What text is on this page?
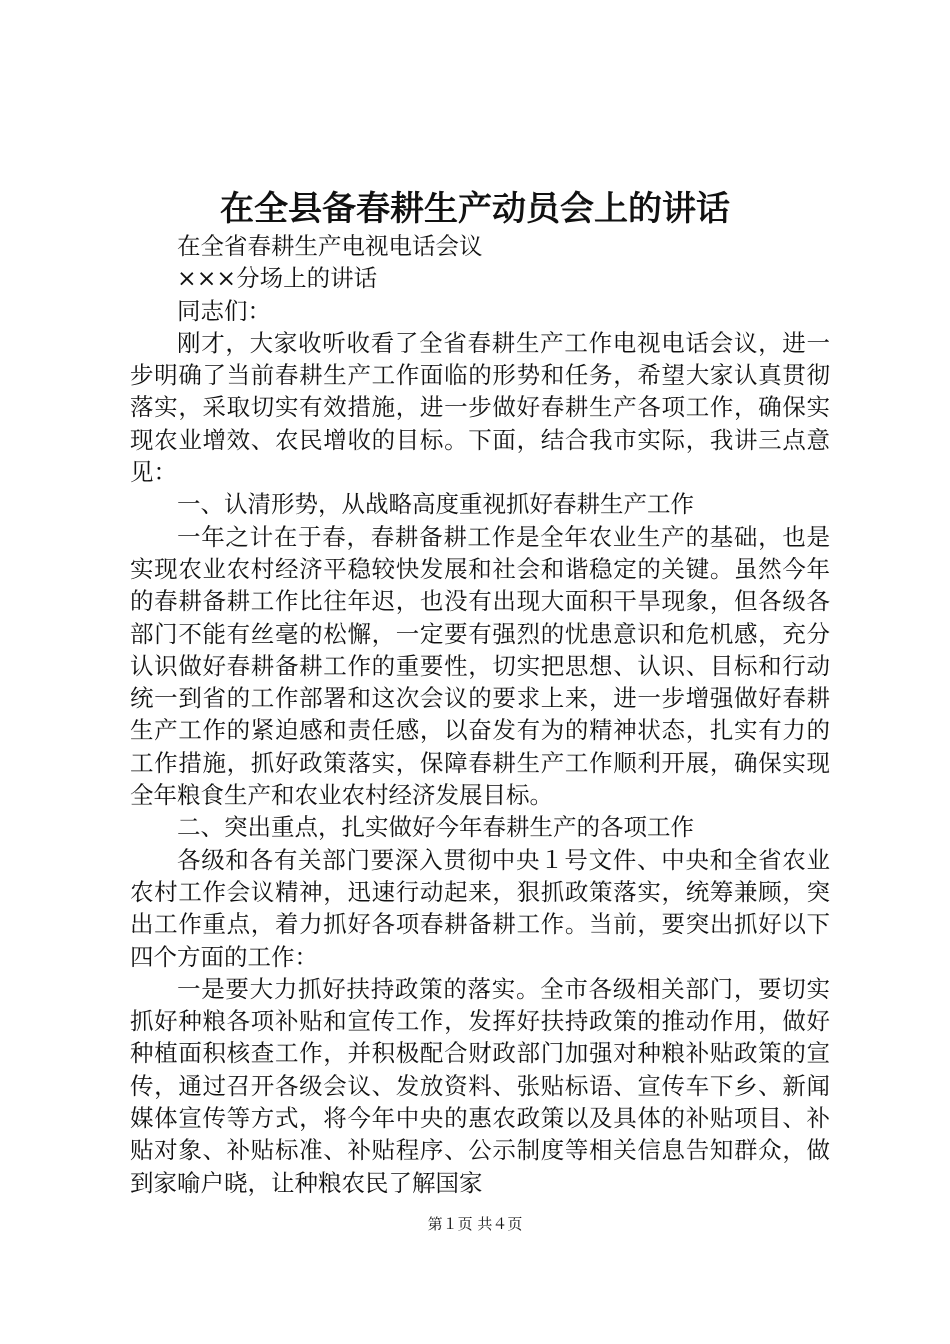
在全县备春耕生产动员会上的讲话

在全省春耕生产电视电话会议

×××分场上的讲话

同志们：

刚才，大家收听收看了全省春耕生产工作电视电话会议，进一步明确了当前春耕生产工作面临的形势和任务，希望大家认真贯彻落实，采取切实有效措施，进一步做好春耕生产各项工作，确保实现农业增效、农民增收的目标。下面，结合我市实际，我讲三点意见：

一、认清形势，从战略高度重视抓好春耕生产工作

一年之计在于春，春耕备耕工作是全年农业生产的基础，也是实现农业农村经济平稳较快发展和社会和谐稳定的关键。虽然今年的春耕备耕工作比往年迟，也没有出现大面积干旱现象，但各级各部门不能有丝毫的松懈，一定要有强烈的忧患意识和危机感，充分认识做好春耕备耕工作的重要性，切实把思想、认识、目标和行动统一到省的工作部署和这次会议的要求上来，进一步增强做好春耕生产工作的紧迫感和责任感，以奋发有为的精神状态，扎实有力的工作措施，抓好政策落实，保障春耕生产工作顺利开展，确保实现全年粮食生产和农业农村经济发展目标。

二、突出重点，扎实做好今年春耕生产的各项工作

各级和各有关部门要深入贯彻中央１号文件、中央和全省农业农村工作会议精神，迅速行动起来，狠抓政策落实，统筹兼顾，突出工作重点，着力抓好各项春耕备耕工作。当前，要突出抓好以下四个方面的工作：

一是要大力抓好扶持政策的落实。全市各级相关部门，要切实抓好种粮各项补贴和宣传工作，发挥好扶持政策的推动作用，做好种植面积核查工作，并积极配合财政部门加强对种粮补贴政策的宣传，通过召开各级会议、发放资料、张贴标语、宣传车下乡、新闻媒体宣传等方式，将今年中央的惠农政策以及具体的补贴项目、补贴对象、补贴标准、补贴程序、公示制度等相关信息告知群众，做到家喻户晓，让种粮农民了解国家

第１页 共４页
